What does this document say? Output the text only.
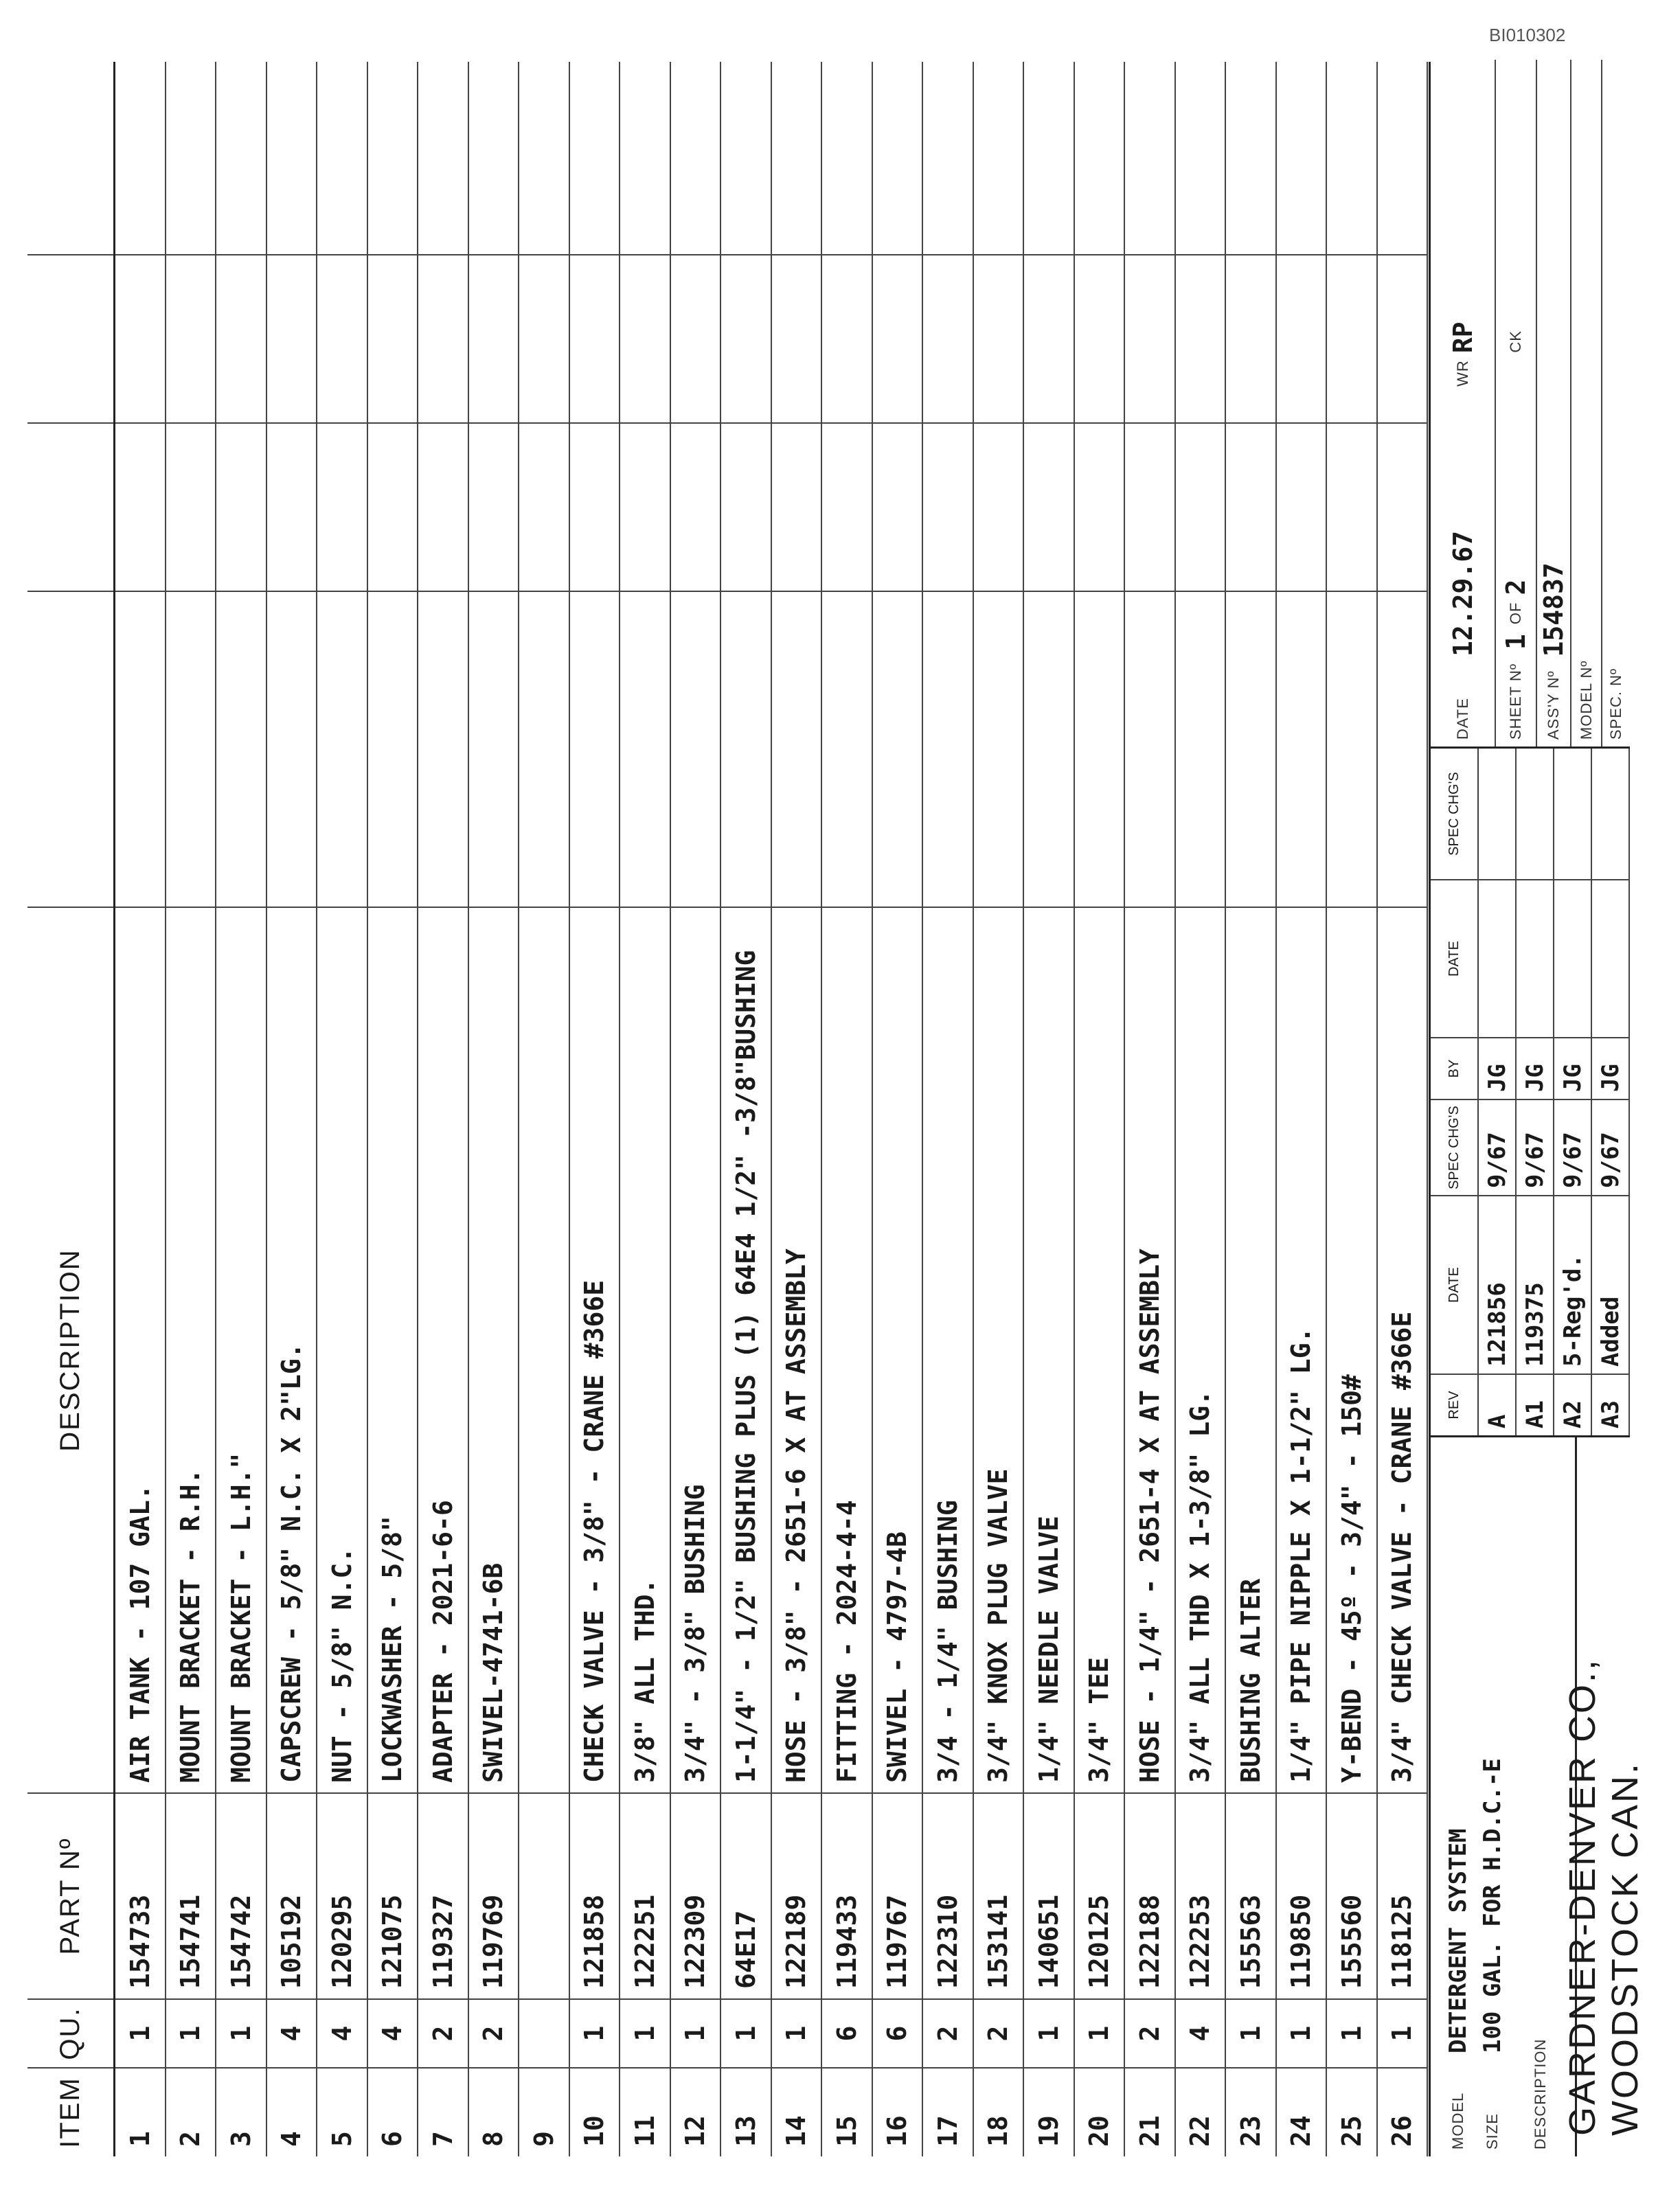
BI010302
ITEM
QU.
PART Nº
DESCRIPTION
1
1
154733
AIR TANK - 107 GAL.
2
1
154741
MOUNT BRACKET - R.H.
3
1
154742
MOUNT BRACKET - L.H."
4
4
105192
CAPSCREW - 5/8" N.C. X 2"LG.
5
4
120295
NUT - 5/8" N.C.
6
4
121075
LOCKWASHER - 5/8"
7
2
119327
ADAPTER - 2021-6-6
8
2
119769
SWIVEL-4741-6B
9 10
1
121858
CHECK VALVE - 3/8" - CRANE #366E
11
1
122251
3/8" ALL THD.
12
1
122309
3/4" - 3/8" BUSHING
13
1
64E17
1-1/4" - 1/2" BUSHING PLUS (1) 64E4 1/2" -3/8"BUSHING
14
1
122189
HOSE - 3/8" - 2651-6 X AT ASSEMBLY
15
6
119433
FITTING - 2024-4-4
16
6
119767
SWIVEL - 4797-4B
17
2
122310
3/4 - 1/4" BUSHING
18
2
153141
3/4" KNOX PLUG VALVE
19
1
140651
1/4" NEEDLE VALVE
20
1
120125
3/4" TEE
21
2
122188
HOSE - 1/4" - 2651-4 X AT ASSEMBLY
22
4
122253
3/4" ALL THD X 1-3/8" LG.
23
1
155563
BUSHING ALTER
24
1
119850
1/4" PIPE NIPPLE X 1-1/2" LG.
25
1
155560
Y-BEND - 45º - 3/4" - 150#
26
1
118125
3/4" CHECK VALVE - CRANE #366E
MODEL
DETERGENT SYSTEM
SIZE
100 GAL. FOR H.D.C.-E
DESCRIPTION GARDNER-DENVER CO., WOODSTOCK CAN.
REV
DATE
SPEC CHG'S
BY
DATE
SPEC CHG'S
A
121856
9/67
JG
A1
119375
9/67
JG
A2
5-Reg'd.
9/67
JG
A3
Added
9/67
JG
DATE
12.29.67
WR
RP
SHEET Nº
1
OF
2
CK
ASS'Y Nº
154837
MODEL Nº SPEC. Nº
